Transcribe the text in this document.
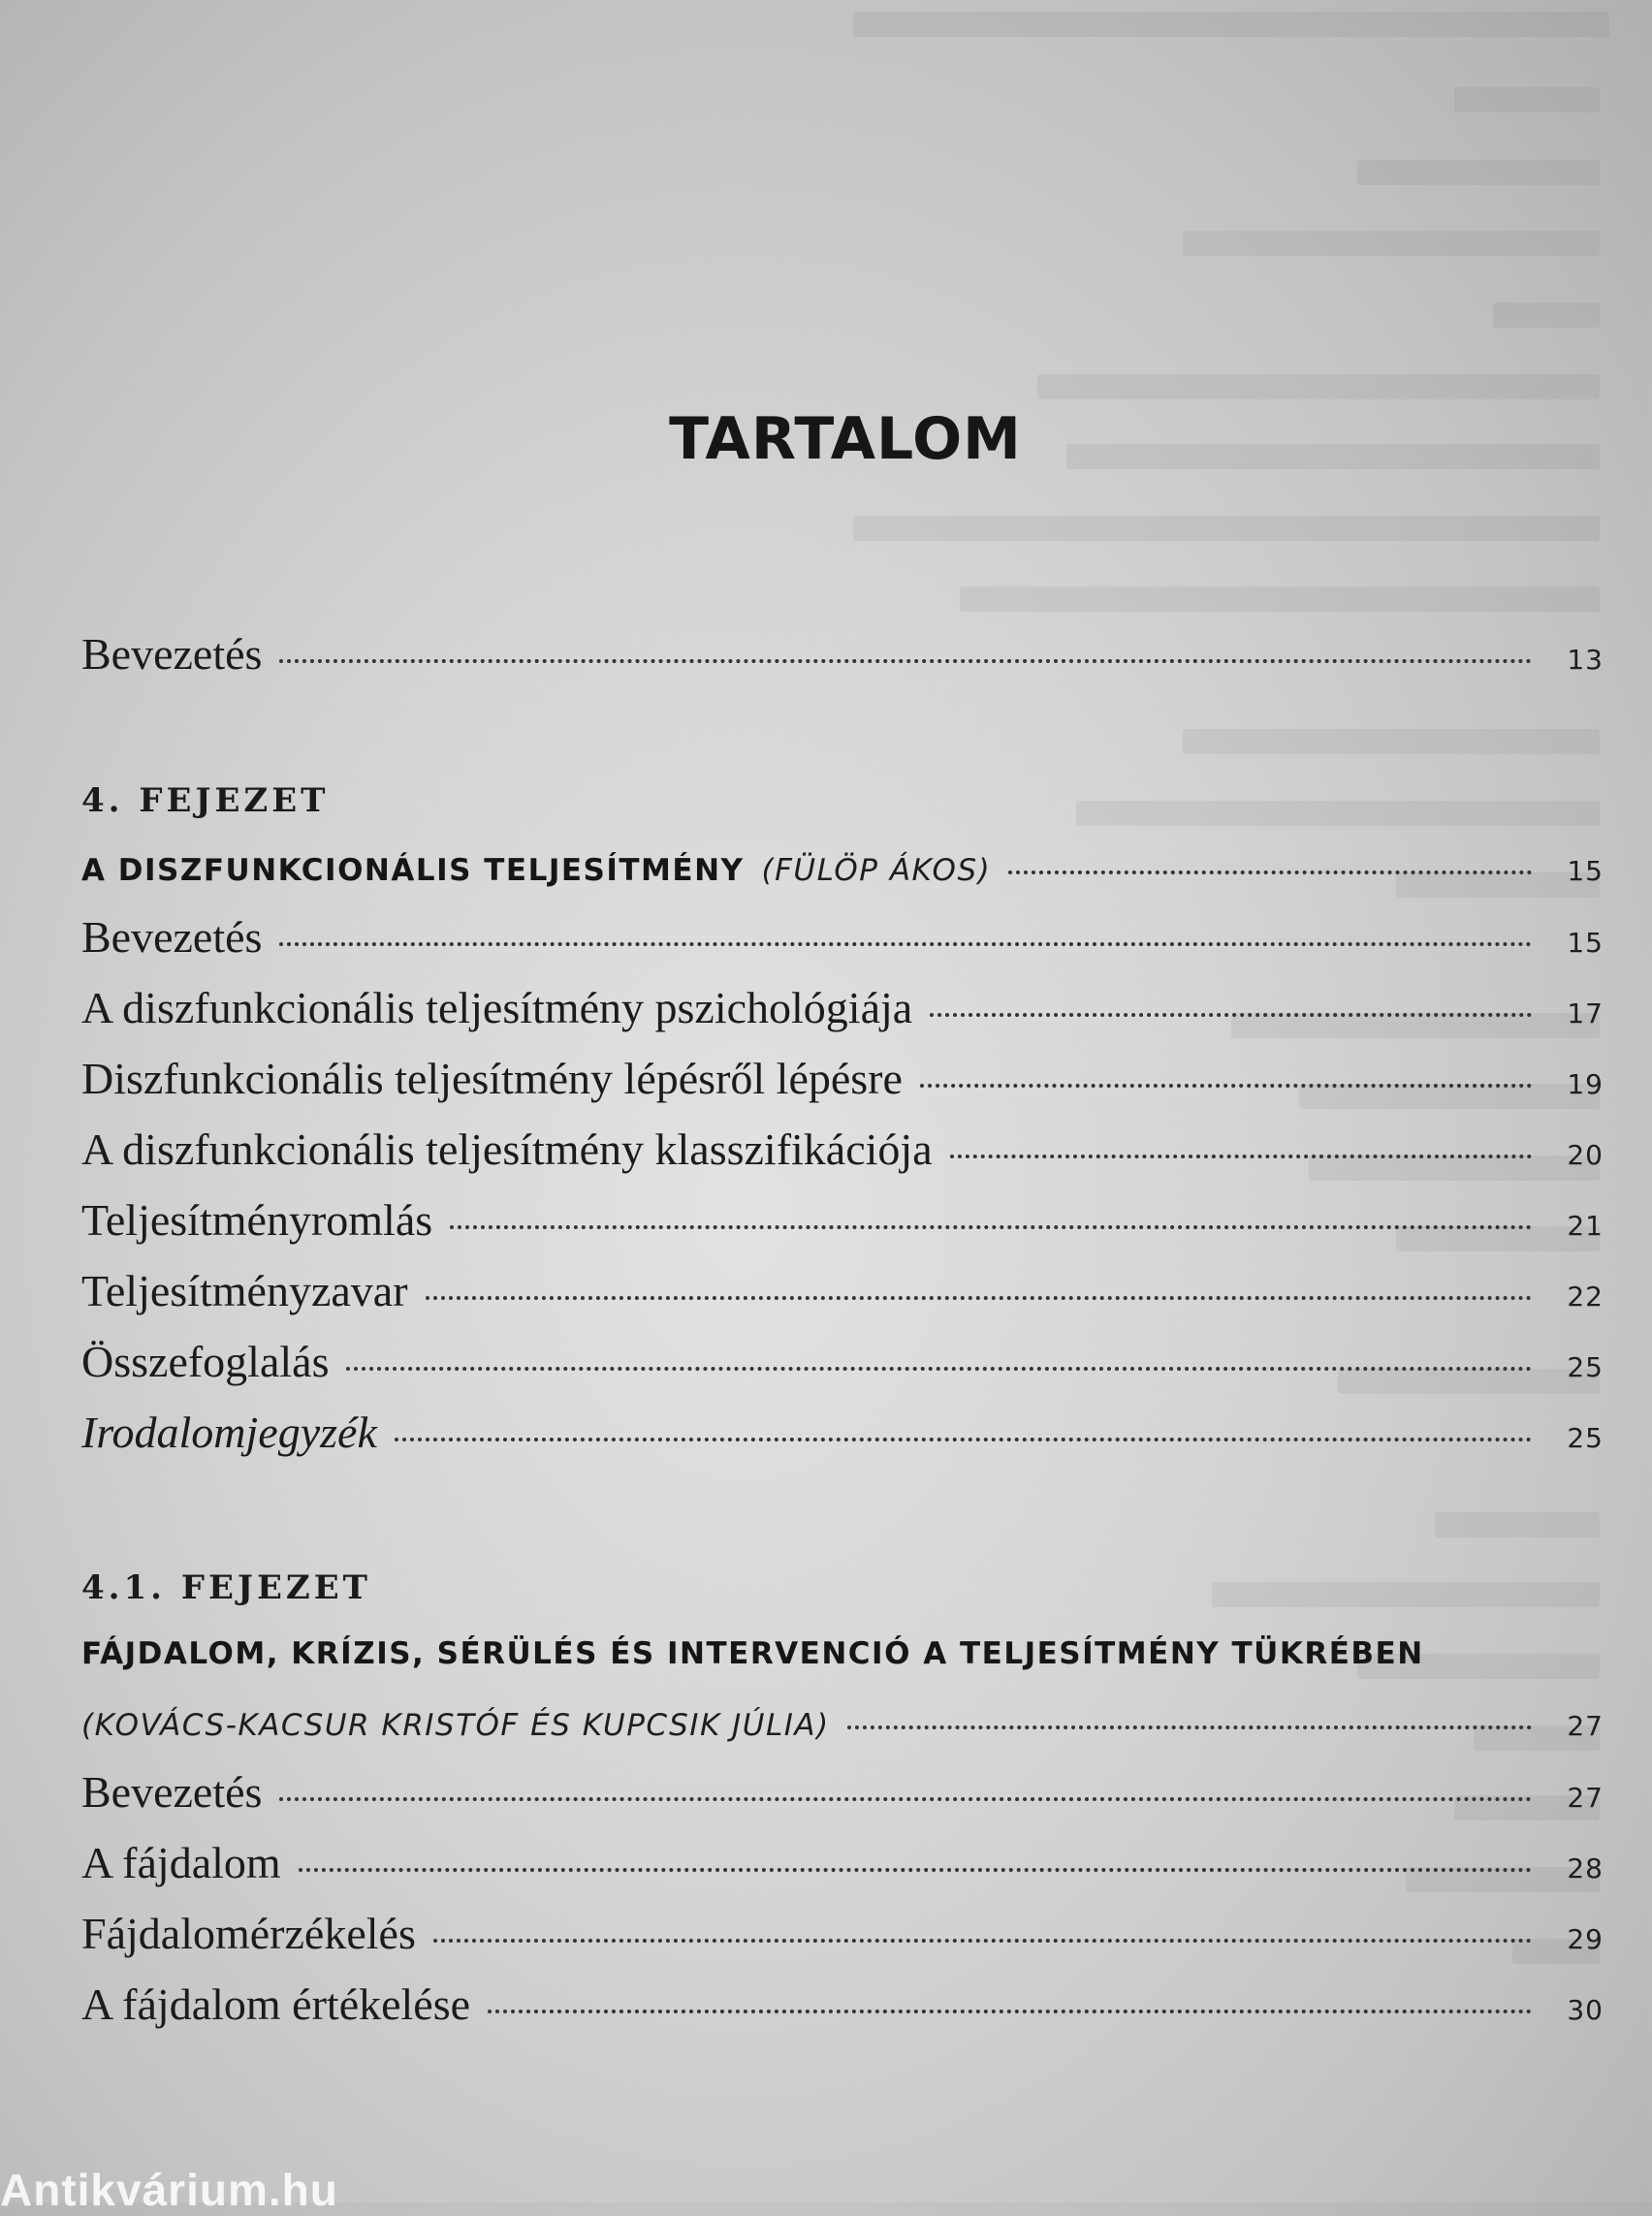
TARTALOM
Bevezetés	13
4. FEJEZET
A DISZFUNKCIONÁLIS TELJESÍTMÉNY (FÜLÖP ÁKOS)	15
Bevezetés	15
A diszfunkcionális teljesítmény pszichológiája	17
Diszfunkcionális teljesítmény lépésről lépésre	19
A diszfunkcionális teljesítmény klasszifikációja	20
Teljesítményromlás	21
Teljesítményzavar	22
Összefoglalás	25
Irodalomjegyzék	25
4.1. FEJEZET
FÁJDALOM, KRÍZIS, SÉRÜLÉS ÉS INTERVENCIÓ A TELJESÍTMÉNY TÜKRÉBEN
(KOVÁCS-KACSUR KRISTÓF ÉS KUPCSIK JÚLIA)	27
Bevezetés	27
A fájdalom	28
Fájdalomérzékelés	29
A fájdalom értékelése	30
Antikvárium.hu
